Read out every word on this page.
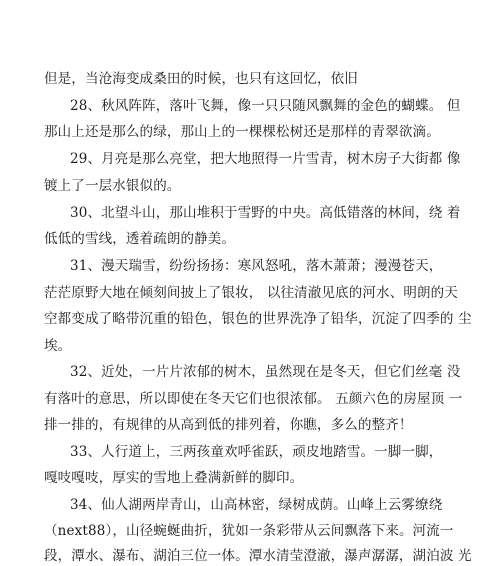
但是，当沧海变成桑田的时候，也只有这回忆，依旧
28、秋风阵阵，落叶飞舞，像一只只随风飘舞的金色的蝴蝶。 但
那山上还是那么的绿，那山上的一棵棵松树还是那样的青翠欲滴。
29、月亮是那么亮堂，把大地照得一片雪青，树木房子大街都 像
镀上了一层水银似的。
30、北望斗山，那山堆积于雪野的中央。高低错落的林间，绕 着
低低的雪线，透着疏朗的静美。
31、漫天瑞雪，纷纷扬扬：寒风怒吼，落木萧萧；漫漫苍天，
茫茫原野大地在倾刻间披上了银妆， 以往清澈见底的河水、明朗的天
空都变成了略带沉重的铅色，银色的世界洗净了铅华，沉淀了四季的 尘
埃。
32、近处，一片片浓郁的树木，虽然现在是冬天，但它们丝毫 没
有落叶的意思，所以即使在冬天它们也很浓郁。 五颜六色的房屋顶 一
排一排的，有规律的从高到低的排列着，你瞧，多么的整齐！
33、人行道上，三两孩童欢呼雀跃，顽皮地踏雪。一脚一脚，
嘎吱嘎吱，厚实的雪地上叠满新鲜的脚印。
34、仙人湖两岸青山，山高林密，绿树成荫。山峰上云雾缭绕
（next88），山径蜿蜒曲折，犹如一条彩带从云间飘落下来。河流一
段，潭水、瀑布、湖泊三位一体。潭水清莹澄澈，瀑声潺潺，湖泊波 光
